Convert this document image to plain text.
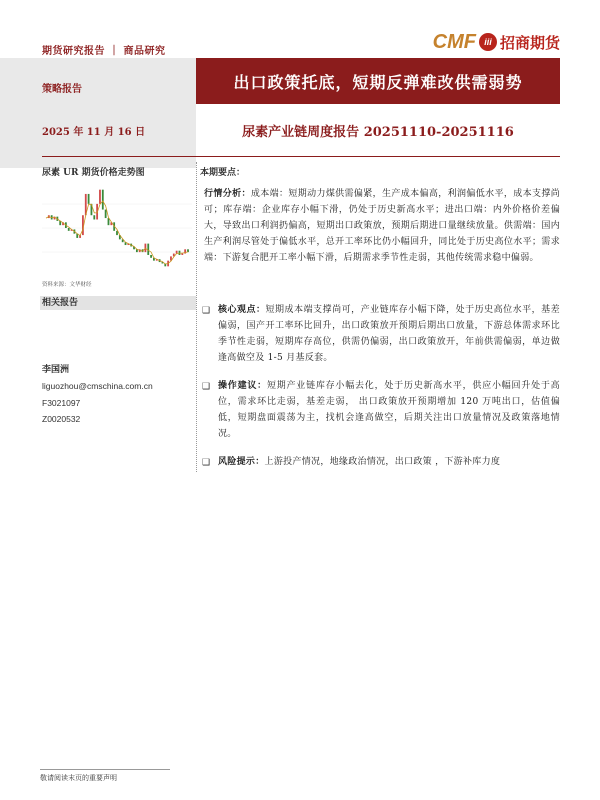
期货研究报告 ｜ 商品研究	CMF iii 招商期货
策略报告
2025 年 11 月 16 日
出口政策托底，短期反弹难改供需弱势
尿素产业链周度报告 20251110-20251116
尿素 UR 期货价格走势图
资料来源：文华财经
相关报告
李国洲
liguozhou@cmschina.com.cn
F3021097
Z0020532
本期要点：
行情分析：成本端：短期动力煤供需偏紧，生产成本偏高，利润偏低水平，成本支撑尚可；库存端：企业库存小幅下滑，仍处于历史新高水平；进出口端：内外价格价差偏大，导致出口利润扔偏高，短期出口政策放，预期后期进口量继续放量。供需端：国内生产利润尽管处于偏低水平，总开工率环比仍小幅回升，同比处于历史高位水平；需求端：下游复合肥开工率小幅下滑，后期需求季节性走弱，其他传统需求稳中偏弱。
❑ 核心观点：短期成本端支撑尚可，产业链库存小幅下降，处于历史高位水平，基差偏弱，国产开工率环比回升，出口政策放开预期后期出口放量，下游总体需求环比季节性走弱，短期库存高位，供需仍偏弱，出口政策放开，年前供需偏弱，单边做逢高做空及 1-5 月基反套。
❑ 操作建议：短期产业链库存小幅去化，处于历史新高水平，供应小幅回升处于高位，需求环比走弱，基差走弱， 出口政策放开预期增加 120 万吨出口，估值偏低，短期盘面震荡为主，找机会逢高做空，后期关注出口放量情况及政策落地情况。
❑ 风险提示：上游投产情况，地缘政治情况，出口政策 ，下游补库力度
敬请阅读末页的重要声明
